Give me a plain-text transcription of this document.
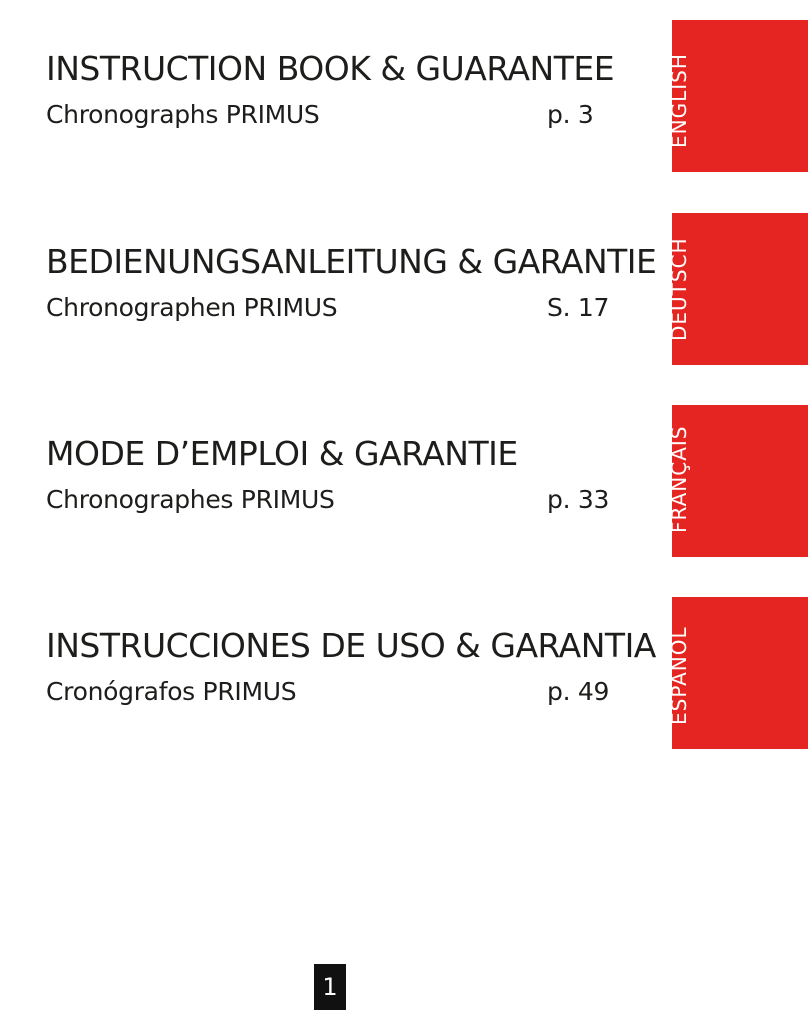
INSTRUCTION BOOK & GUARANTEE
Chronographs PRIMUS	p. 3	ENGLISH
BEDIENUNGSANLEITUNG & GARANTIE
Chronographen PRIMUS	S. 17	DEUTSCH
MODE D’EMPLOI & GARANTIE
Chronographes PRIMUS	p. 33	FRANÇAIS
INSTRUCCIONES DE USO & GARANTIA
Cronógrafos PRIMUS	p. 49	ESPAÑOL
1
